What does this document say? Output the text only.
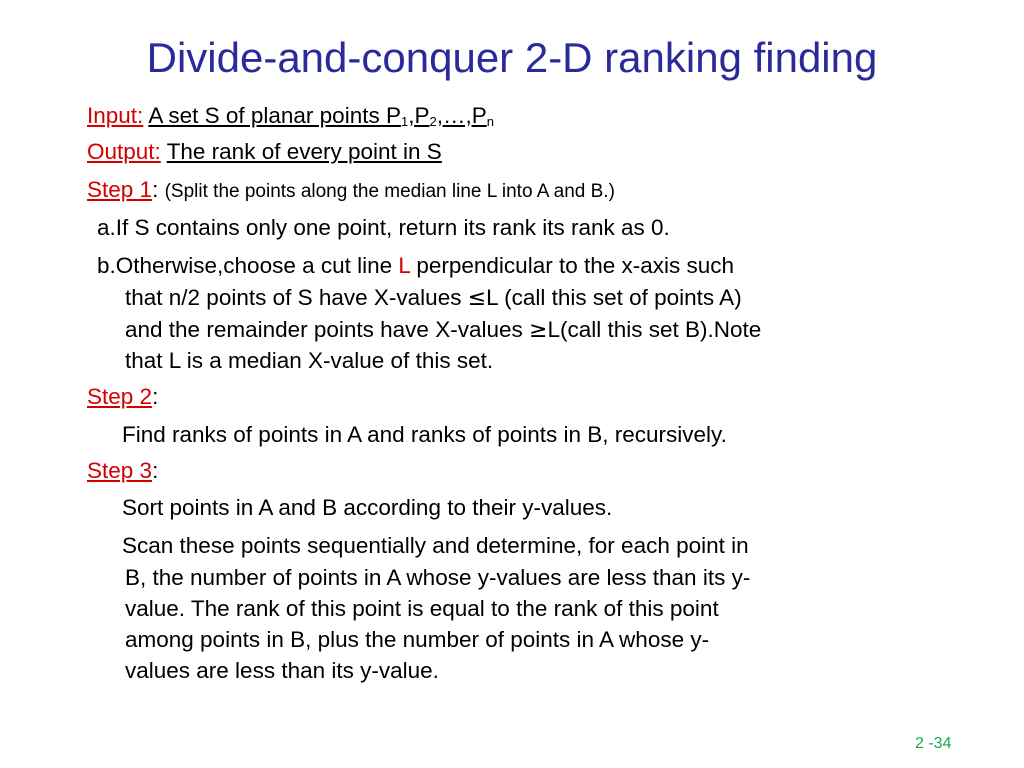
Divide-and-conquer 2-D ranking finding
Input: A set S of planar points $P_1,P_2,\dots,P_n$
Output: The rank of every point in S
Step 1: (Split the points along the median line L into A and B.)
a.If S contains only one point, return its rank its rank as 0.
b.Otherwise,choose a cut line L perpendicular to the x-axis such
that n/2 points of S have X-values ≤L (call this set of points A)
and the remainder points have X-values ≥L(call this set B).Note
that L is a median X-value of this set.
Step 2:
Find ranks of points in A and ranks of points in B, recursively.
Step 3:
Sort points in A and B according to their y-values.
Scan these points sequentially and determine, for each point in
B, the number of points in A whose y-values are less than its y-
value. The rank of this point is equal to the rank of this point
among points in B, plus the number of points in A whose y-
values are less than its y-value.
2 -34
